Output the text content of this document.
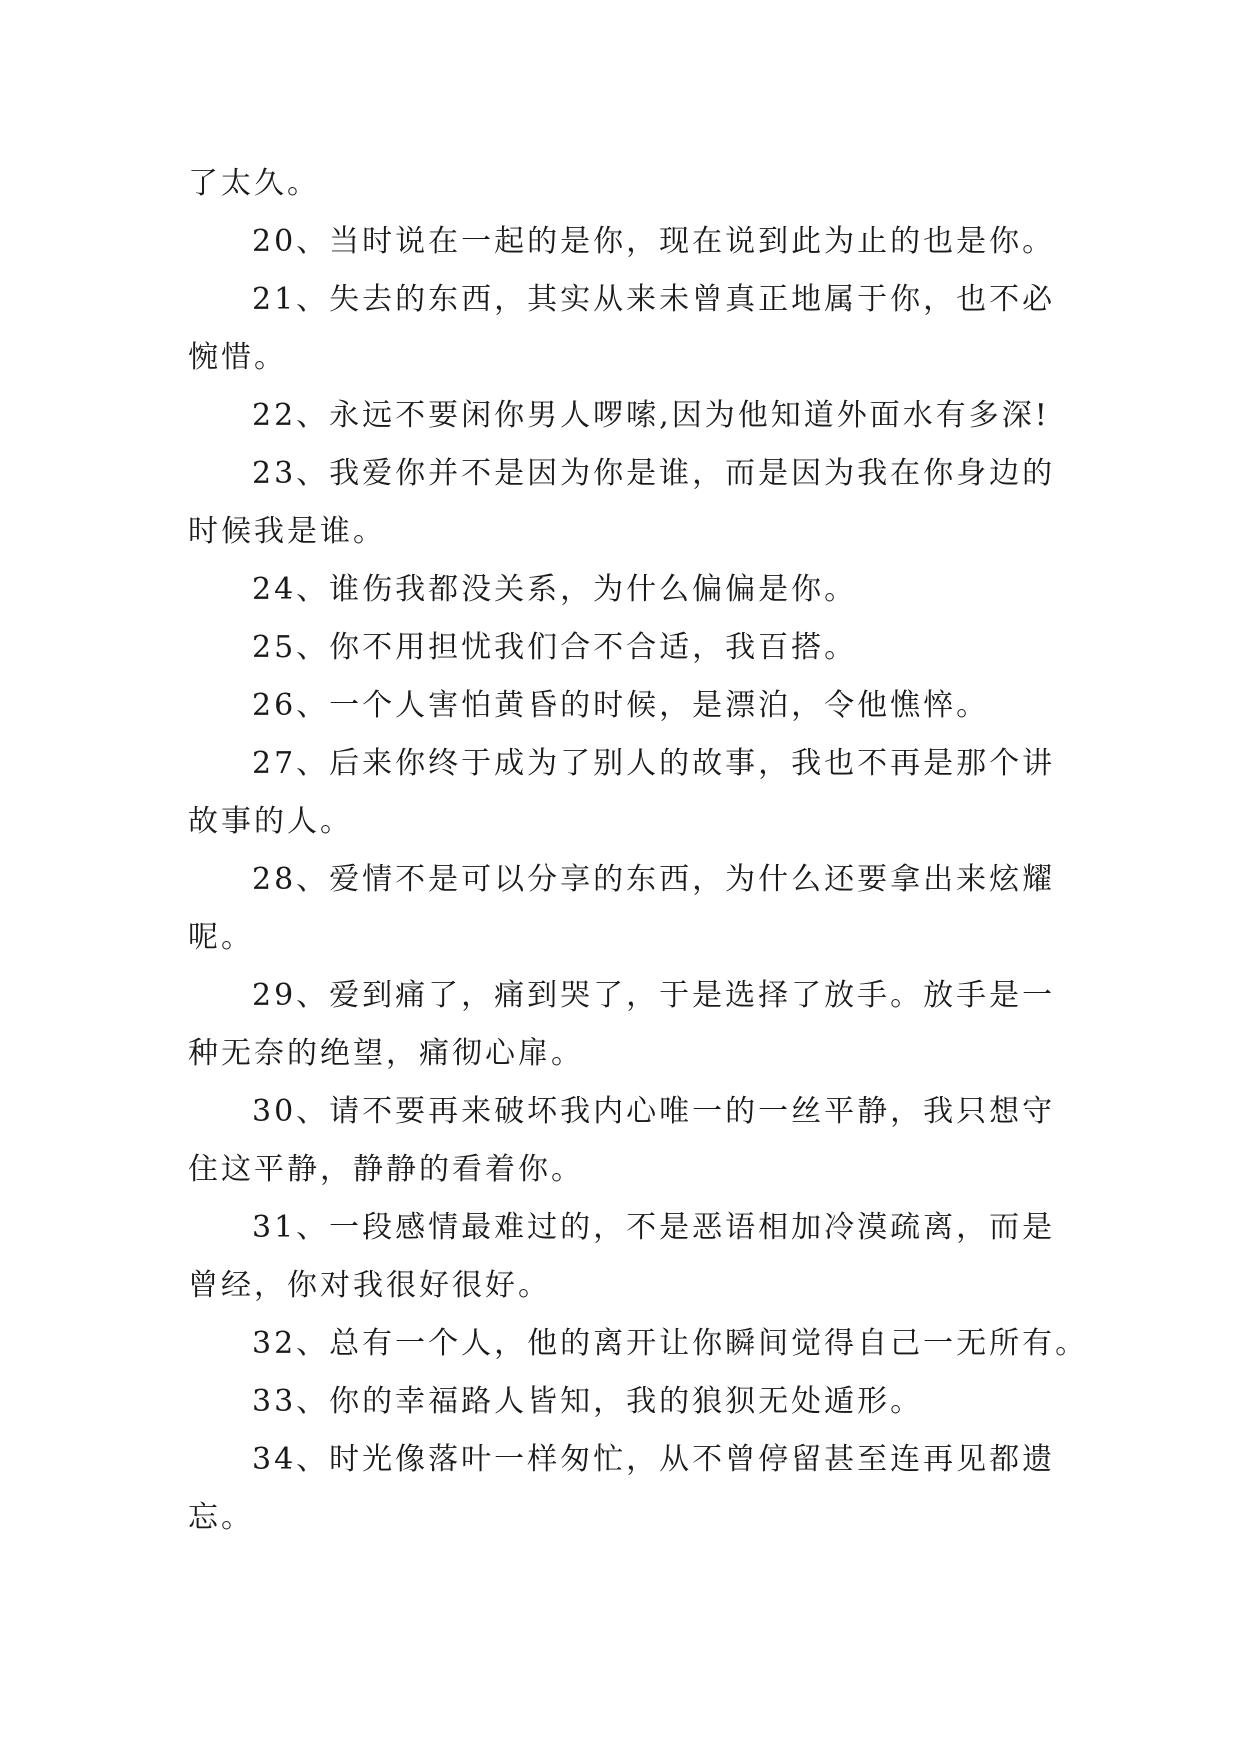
了太久。
20、当时说在一起的是你，现在说到此为止的也是你。
21、失去的东西，其实从来未曾真正地属于你，也不必
惋惜。
22、永远不要闲你男人啰嗦,因为他知道外面水有多深!
23、我爱你并不是因为你是谁，而是因为我在你身边的
时候我是谁。
24、谁伤我都没关系，为什么偏偏是你。
25、你不用担忧我们合不合适，我百搭。
26、一个人害怕黄昏的时候，是漂泊，令他憔悴。
27、后来你终于成为了别人的故事，我也不再是那个讲
故事的人。
28、爱情不是可以分享的东西，为什么还要拿出来炫耀
呢。
29、爱到痛了，痛到哭了，于是选择了放手。放手是一
种无奈的绝望，痛彻心扉。
30、请不要再来破坏我内心唯一的一丝平静，我只想守
住这平静，静静的看着你。
31、一段感情最难过的，不是恶语相加冷漠疏离，而是
曾经，你对我很好很好。
32、总有一个人，他的离开让你瞬间觉得自己一无所有。
33、你的幸福路人皆知，我的狼狈无处遁形。
34、时光像落叶一样匆忙，从不曾停留甚至连再见都遗
忘。
